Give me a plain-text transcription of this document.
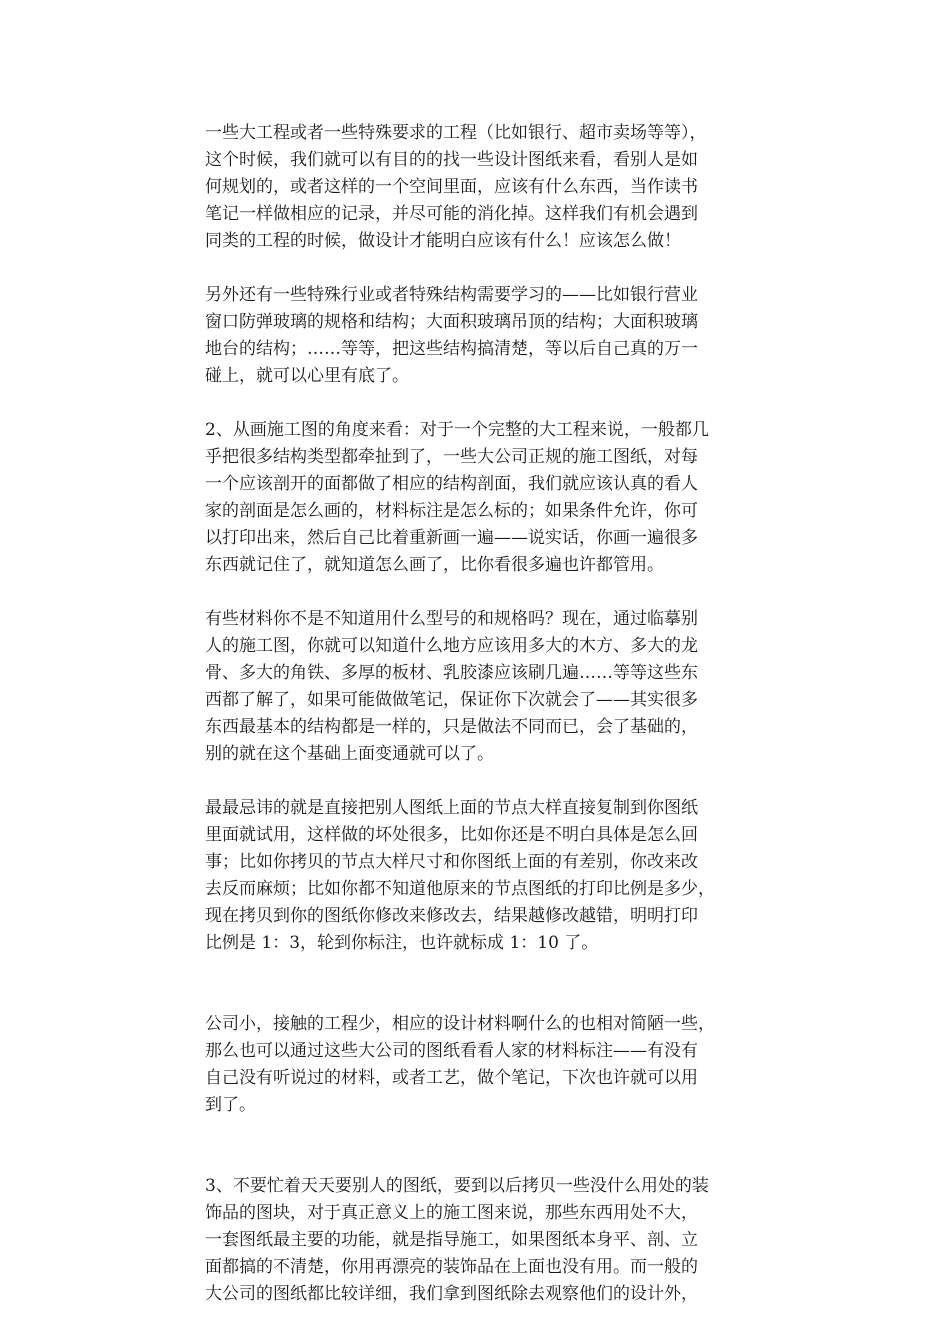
一些大工程或者一些特殊要求的工程（比如银行、超市卖场等等），
这个时候，我们就可以有目的的找一些设计图纸来看，看别人是如
何规划的，或者这样的一个空间里面，应该有什么东西，当作读书
笔记一样做相应的记录，并尽可能的消化掉。这样我们有机会遇到
同类的工程的时候，做设计才能明白应该有什么！应该怎么做！
另外还有一些特殊行业或者特殊结构需要学习的——比如银行营业
窗口防弹玻璃的规格和结构；大面积玻璃吊顶的结构；大面积玻璃
地台的结构；……等等，把这些结构搞清楚，等以后自己真的万一
碰上，就可以心里有底了。
2、从画施工图的角度来看：对于一个完整的大工程来说，一般都几
乎把很多结构类型都牵扯到了，一些大公司正规的施工图纸，对每
一个应该剖开的面都做了相应的结构剖面，我们就应该认真的看人
家的剖面是怎么画的，材料标注是怎么标的；如果条件允许，你可
以打印出来，然后自己比着重新画一遍——说实话，你画一遍很多
东西就记住了，就知道怎么画了，比你看很多遍也许都管用。
有些材料你不是不知道用什么型号的和规格吗？现在，通过临摹别
人的施工图，你就可以知道什么地方应该用多大的木方、多大的龙
骨、多大的角铁、多厚的板材、乳胶漆应该刷几遍……等等这些东
西都了解了，如果可能做做笔记，保证你下次就会了——其实很多
东西最基本的结构都是一样的，只是做法不同而已，会了基础的，
别的就在这个基础上面变通就可以了。
最最忌讳的就是直接把别人图纸上面的节点大样直接复制到你图纸
里面就试用，这样做的坏处很多，比如你还是不明白具体是怎么回
事；比如你拷贝的节点大样尺寸和你图纸上面的有差别，你改来改
去反而麻烦；比如你都不知道他原来的节点图纸的打印比例是多少，
现在拷贝到你的图纸你修改来修改去，结果越修改越错，明明打印
比例是 1：3，轮到你标注，也许就标成 1：10 了。
公司小，接触的工程少，相应的设计材料啊什么的也相对简陋一些，
那么也可以通过这些大公司的图纸看看人家的材料标注——有没有
自己没有听说过的材料，或者工艺，做个笔记，下次也许就可以用
到了。
3、不要忙着天天要别人的图纸，要到以后拷贝一些没什么用处的装
饰品的图块，对于真正意义上的施工图来说，那些东西用处不大，
一套图纸最主要的功能，就是指导施工，如果图纸本身平、剖、立
面都搞的不清楚，你用再漂亮的装饰品在上面也没有用。而一般的
大公司的图纸都比较详细，我们拿到图纸除去观察他们的设计外，
